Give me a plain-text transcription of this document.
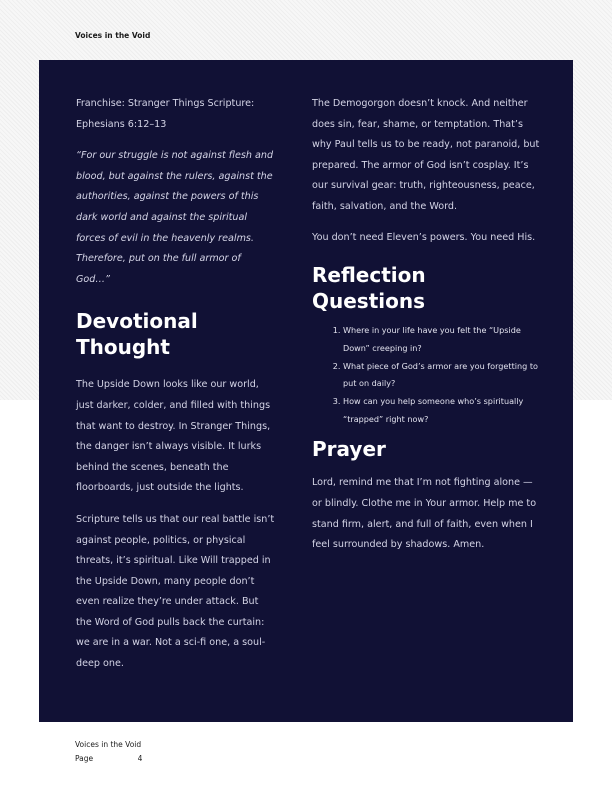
Voices in the Void

Franchise: Stranger Things Scripture: Ephesians 6:12–13

“For our struggle is not against flesh and blood, but against the rulers, against the authorities, against the powers of this dark world and against the spiritual forces of evil in the heavenly realms. Therefore, put on the full armor of God…”

Devotional Thought

The Upside Down looks like our world, just darker, colder, and filled with things that want to destroy. In Stranger Things, the danger isn’t always visible. It lurks behind the scenes, beneath the floorboards, just outside the lights.

Scripture tells us that our real battle isn’t against people, politics, or physical threats, it’s spiritual. Like Will trapped in the Upside Down, many people don’t even realize they’re under attack. But the Word of God pulls back the curtain: we are in a war. Not a sci-fi one, a soul-deep one.

The Demogorgon doesn’t knock. And neither does sin, fear, shame, or temptation. That’s why Paul tells us to be ready, not paranoid, but prepared. The armor of God isn’t cosplay. It’s our survival gear: truth, righteousness, peace, faith, salvation, and the Word.

You don’t need Eleven’s powers. You need His.

Reflection Questions
1. Where in your life have you felt the “Upside Down” creeping in?
2. What piece of God’s armor are you forgetting to put on daily?
3. How can you help someone who’s spiritually “trapped” right now?
Prayer

Lord, remind me that I’m not fighting alone — or blindly. Clothe me in Your armor. Help me to stand firm, alert, and full of faith, even when I feel surrounded by shadows. Amen.

Voices in the Void
Page	4
